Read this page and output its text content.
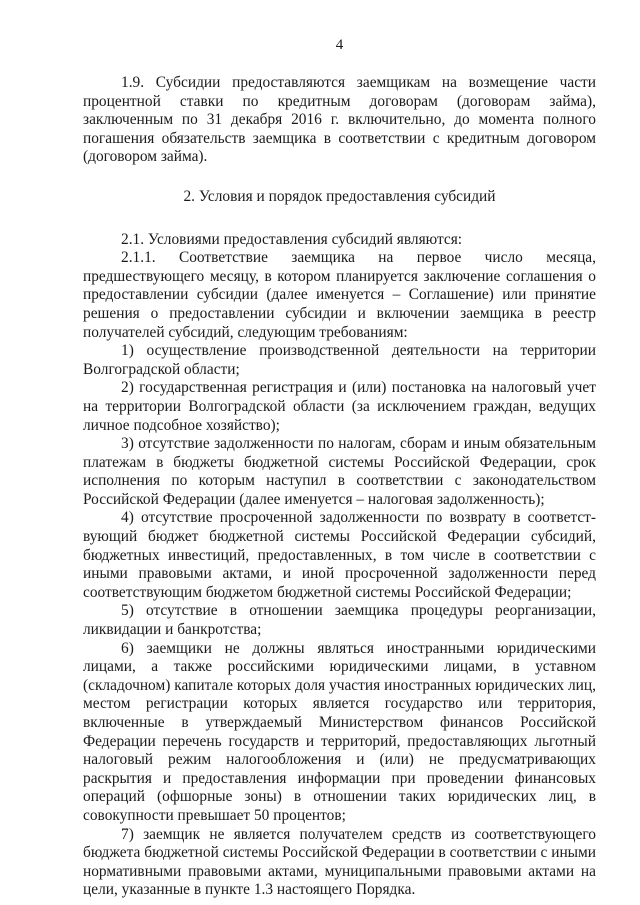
4

1.9. Субсидии предоставляются заемщикам на возмещение части процентной ставки по кредитным договорам (договорам займа), заключенным по 31 декабря 2016 г. включительно, до момента полного погашения обязательств заемщика в соответствии с кредитным договором (договором займа).

2. Условия и порядок предоставления субсидий

2.1. Условиями предоставления субсидий являются:

2.1.1. Соответствие заемщика на первое число месяца, предшествующего месяцу, в котором планируется заключение соглашения о предоставлении субсидии (далее именуется – Соглашение) или принятие решения о предоставлении субсидии и включении заемщика в реестр получателей субсидий, следующим требованиям:

1) осуществление производственной деятельности на территории Волгоградской области;

2) государственная регистрация и (или) постановка на налоговый учет на территории Волгоградской области (за исключением граждан, ведущих личное подсобное хозяйство);

3) отсутствие задолженности по налогам, сборам и иным обязательным платежам в бюджеты бюджетной системы Российской Федерации, срок исполнения по которым наступил в соответствии с законодательством Российской Федерации (далее именуется – налоговая задолженность);

4) отсутствие просроченной задолженности по возврату в соответст-вующий бюджет бюджетной системы Российской Федерации субсидий, бюджетных инвестиций, предоставленных, в том числе в соответствии с иными правовыми актами, и иной просроченной задолженности перед соответствующим бюджетом бюджетной системы Российской Федерации;

5) отсутствие в отношении заемщика процедуры реорганизации, ликвидации и банкротства;

6) заемщики не должны являться иностранными юридическими лицами, а также российскими юридическими лицами, в уставном (складочном) капитале которых доля участия иностранных юридических лиц, местом регистрации которых является государство или территория, включенные в утверждаемый Министерством финансов Российской Федерации перечень государств и территорий, предоставляющих льготный налоговый режим налогообложения и (или) не предусматривающих раскрытия и предоставления информации при проведении финансовых операций (офшорные зоны) в отношении таких юридических лиц, в совокупности превышает 50 процентов;

7) заемщик не является получателем средств из соответствующего бюджета бюджетной системы Российской Федерации в соответствии с иными нормативными правовыми актами, муниципальными правовыми актами на цели, указанные в пункте 1.3 настоящего Порядка.
